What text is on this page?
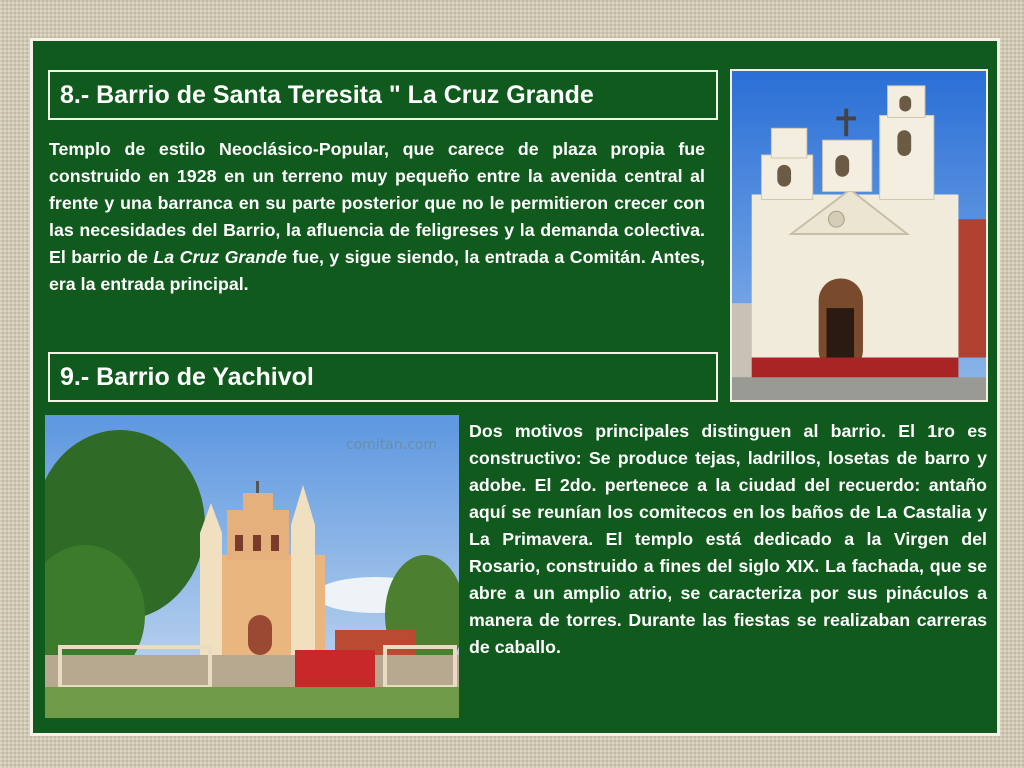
8.- Barrio de Santa Teresita " La Cruz Grande

Templo de estilo Neoclásico-Popular, que carece de plaza propia fue construido en 1928 en un terreno muy pequeño entre la avenida central al frente y una barranca en su parte posterior que no le permitieron crecer con las necesidades del Barrio, la afluencia de feligreses y la demanda colectiva. El barrio de La Cruz Grande fue, y sigue siendo, la entrada a Comitán. Antes, era la entrada principal.

9.- Barrio de Yachivol
comitan.com

Dos motivos principales distinguen al barrio. El 1ro es constructivo: Se produce tejas, ladrillos, losetas de barro y adobe. El 2do. pertenece a la ciudad del recuerdo: antaño aquí se reunían los comitecos en los baños de La Castalia y La Primavera. El templo está dedicado a la Virgen del Rosario, construido a fines del siglo XIX. La fachada, que se abre a un amplio atrio, se caracteriza por sus pináculos a manera de torres. Durante las fiestas se realizaban carreras de caballo.
